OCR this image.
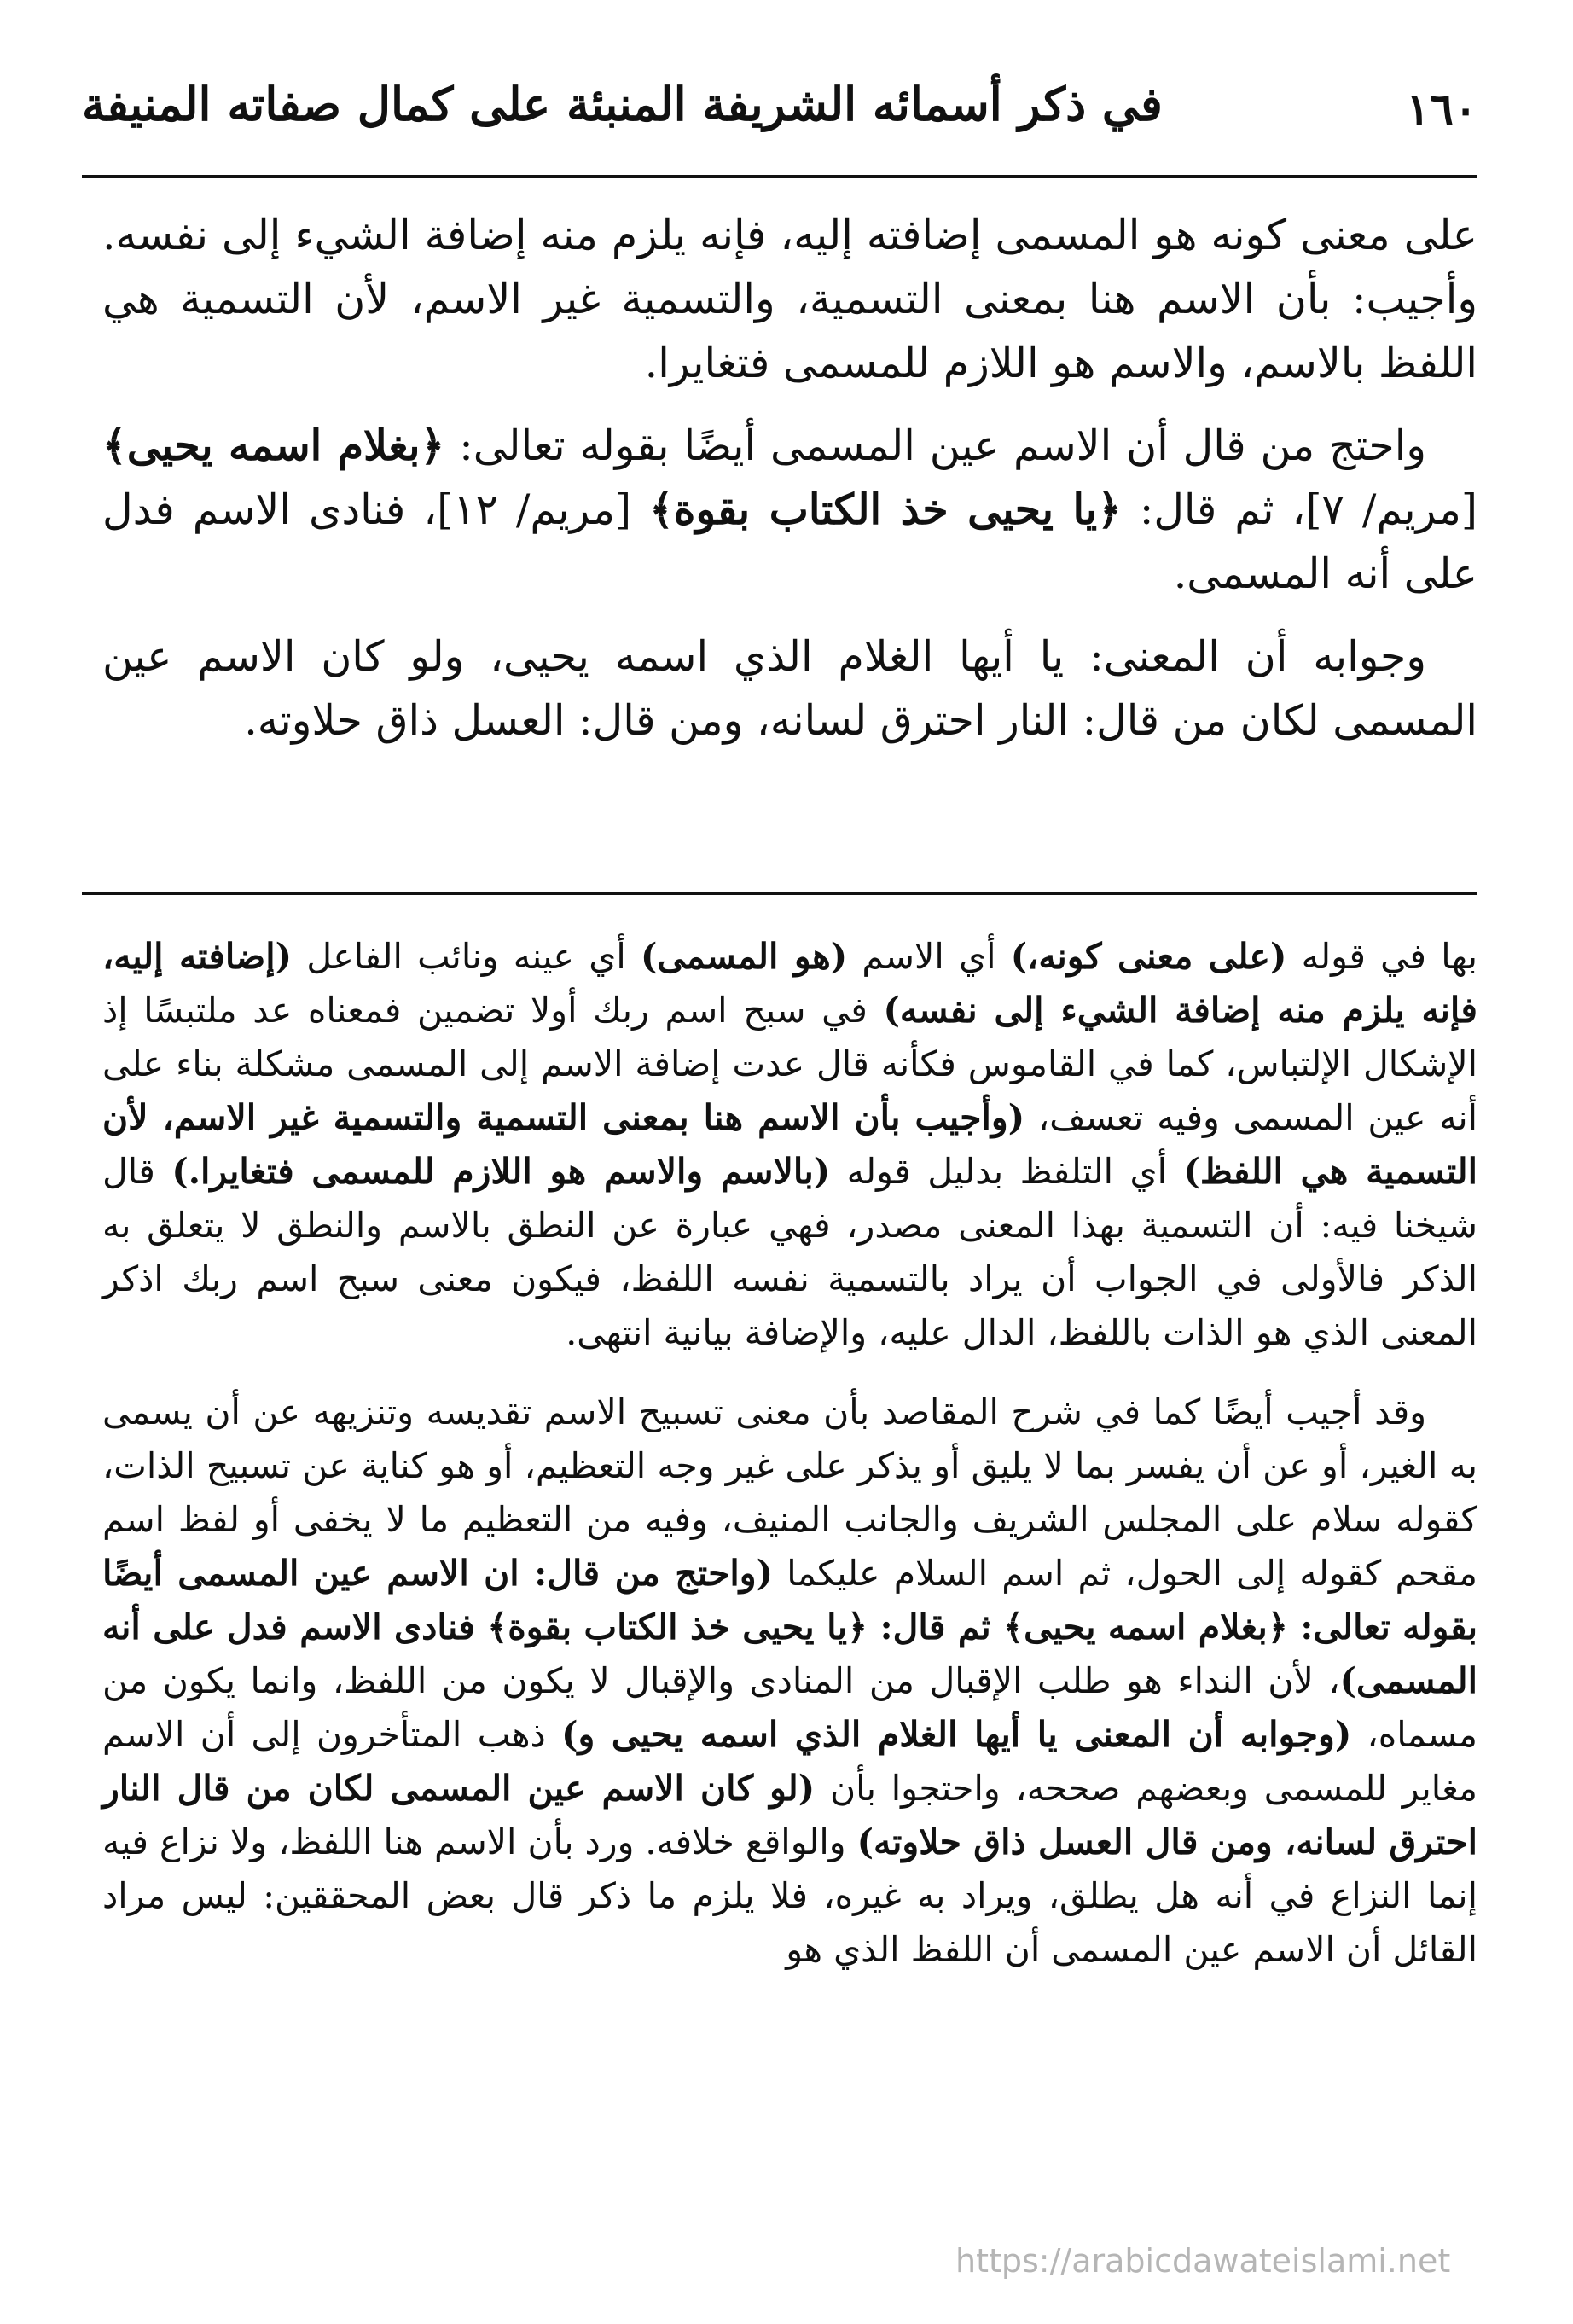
١٦٠
في ذكر أسمائه الشريفة المنبئة على كمال صفاته المنيفة

على معنى كونه هو المسمى إضافته إليه، فإنه يلزم منه إضافة الشيء إلى نفسه. وأجيب: بأن الاسم هنا بمعنى التسمية، والتسمية غير الاسم، لأن التسمية هي اللفظ بالاسم، والاسم هو اللازم للمسمى فتغايرا.

واحتج من قال أن الاسم عين المسمى أيضًا بقوله تعالى: ﴿بغلام اسمه يحيى﴾ [مريم/ ٧]، ثم قال: ﴿يا يحيى خذ الكتاب بقوة﴾ [مريم/ ١٢]، فنادى الاسم فدل على أنه المسمى.

وجوابه أن المعنى: يا أيها الغلام الذي اسمه يحيى، ولو كان الاسم عين المسمى لكان من قال: النار احترق لسانه، ومن قال: العسل ذاق حلاوته.

بها في قوله (على معنى كونه،) أي الاسم (هو المسمى) أي عينه ونائب الفاعل (إضافته إليه، فإنه يلزم منه إضافة الشيء إلى نفسه) في سبح اسم ربك أولا تضمين فمعناه عد ملتبسًا إذ الإشكال الإلتباس، كما في القاموس فكأنه قال عدت إضافة الاسم إلى المسمى مشكلة بناء على أنه عين المسمى وفيه تعسف، (وأجيب بأن الاسم هنا بمعنى التسمية والتسمية غير الاسم، لأن التسمية هي اللفظ) أي التلفظ بدليل قوله (بالاسم والاسم هو اللازم للمسمى فتغايرا.) قال شيخنا فيه: أن التسمية بهذا المعنى مصدر، فهي عبارة عن النطق بالاسم والنطق لا يتعلق به الذكر فالأولى في الجواب أن يراد بالتسمية نفسه اللفظ، فيكون معنى سبح اسم ربك اذكر المعنى الذي هو الذات باللفظ، الدال عليه، والإضافة بيانية انتهى.

وقد أجيب أيضًا كما في شرح المقاصد بأن معنى تسبيح الاسم تقديسه وتنزيهه عن أن يسمى به الغير، أو عن أن يفسر بما لا يليق أو يذكر على غير وجه التعظيم، أو هو كناية عن تسبيح الذات، كقوله سلام على المجلس الشريف والجانب المنيف، وفيه من التعظيم ما لا يخفى أو لفظ اسم مقحم كقوله إلى الحول، ثم اسم السلام عليكما (واحتج من قال: ان الاسم عين المسمى أيضًا بقوله تعالى: ﴿بغلام اسمه يحيى﴾ ثم قال: ﴿يا يحيى خذ الكتاب بقوة﴾ فنادى الاسم فدل على أنه المسمى)، لأن النداء هو طلب الإقبال من المنادى والإقبال لا يكون من اللفظ، وانما يكون من مسماه، (وجوابه أن المعنى يا أيها الغلام الذي اسمه يحيى و) ذهب المتأخرون إلى أن الاسم مغاير للمسمى وبعضهم صححه، واحتجوا بأن (لو كان الاسم عين المسمى لكان من قال النار احترق لسانه، ومن قال العسل ذاق حلاوته) والواقع خلافه. ورد بأن الاسم هنا اللفظ، ولا نزاع فيه إنما النزاع في أنه هل يطلق، ويراد به غيره، فلا يلزم ما ذكر قال بعض المحققين: ليس مراد القائل أن الاسم عين المسمى أن اللفظ الذي هو

https://arabicdawateislami.net
